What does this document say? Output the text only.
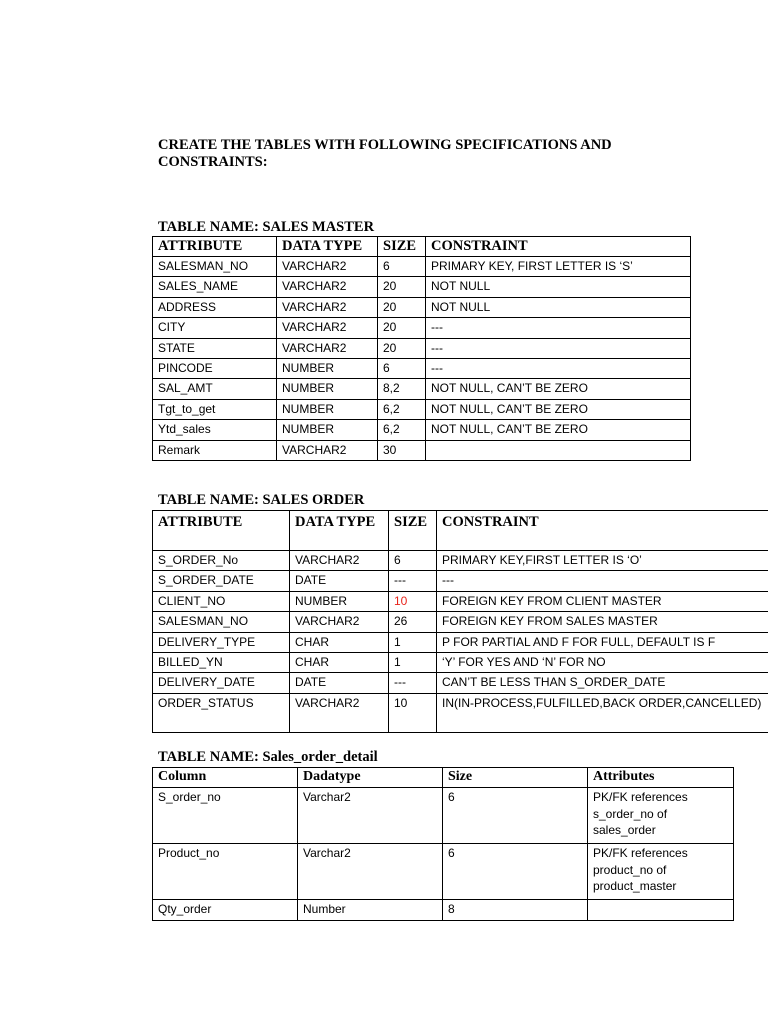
CREATE THE TABLES WITH FOLLOWING SPECIFICATIONS AND CONSTRAINTS:
TABLE NAME: SALES MASTER
ATTRIBUTE	DATA TYPE	SIZE	CONSTRAINT
SALESMAN_NO	VARCHAR2	6	PRIMARY KEY, FIRST LETTER IS ‘S’
SALES_NAME	VARCHAR2	20	NOT NULL
ADDRESS	VARCHAR2	20	NOT NULL
CITY	VARCHAR2	20	---
STATE	VARCHAR2	20	---
PINCODE	NUMBER	6	---
SAL_AMT	NUMBER	8,2	NOT NULL, CAN’T BE ZERO
Tgt_to_get	NUMBER	6,2	NOT NULL, CAN’T BE ZERO
Ytd_sales	NUMBER	6,2	NOT NULL, CAN’T BE ZERO
Remark	VARCHAR2	30	
TABLE NAME: SALES ORDER
ATTRIBUTE	DATA TYPE	SIZE	CONSTRAINT
S_ORDER_No	VARCHAR2	6	PRIMARY KEY,FIRST LETTER IS ‘O’
S_ORDER_DATE	DATE	---	---
CLIENT_NO	NUMBER	10	FOREIGN KEY FROM CLIENT MASTER
SALESMAN_NO	VARCHAR2	26	FOREIGN KEY FROM SALES MASTER
DELIVERY_TYPE	CHAR	1	P FOR PARTIAL AND F FOR FULL, DEFAULT IS F
BILLED_YN	CHAR	1	‘Y’ FOR YES AND ‘N’ FOR NO
DELIVERY_DATE	DATE	---	CAN’T BE LESS THAN S_ORDER_DATE
ORDER_STATUS	VARCHAR2	10	IN(IN-PROCESS,FULFILLED,BACK ORDER,CANCELLED)
TABLE NAME: Sales_order_detail
Column	Dadatype	Size	Attributes
S_order_no	Varchar2	6	PK/FK references s_order_no of sales_order
Product_no	Varchar2	6	PK/FK references product_no of product_master
Qty_order	Number	8	
